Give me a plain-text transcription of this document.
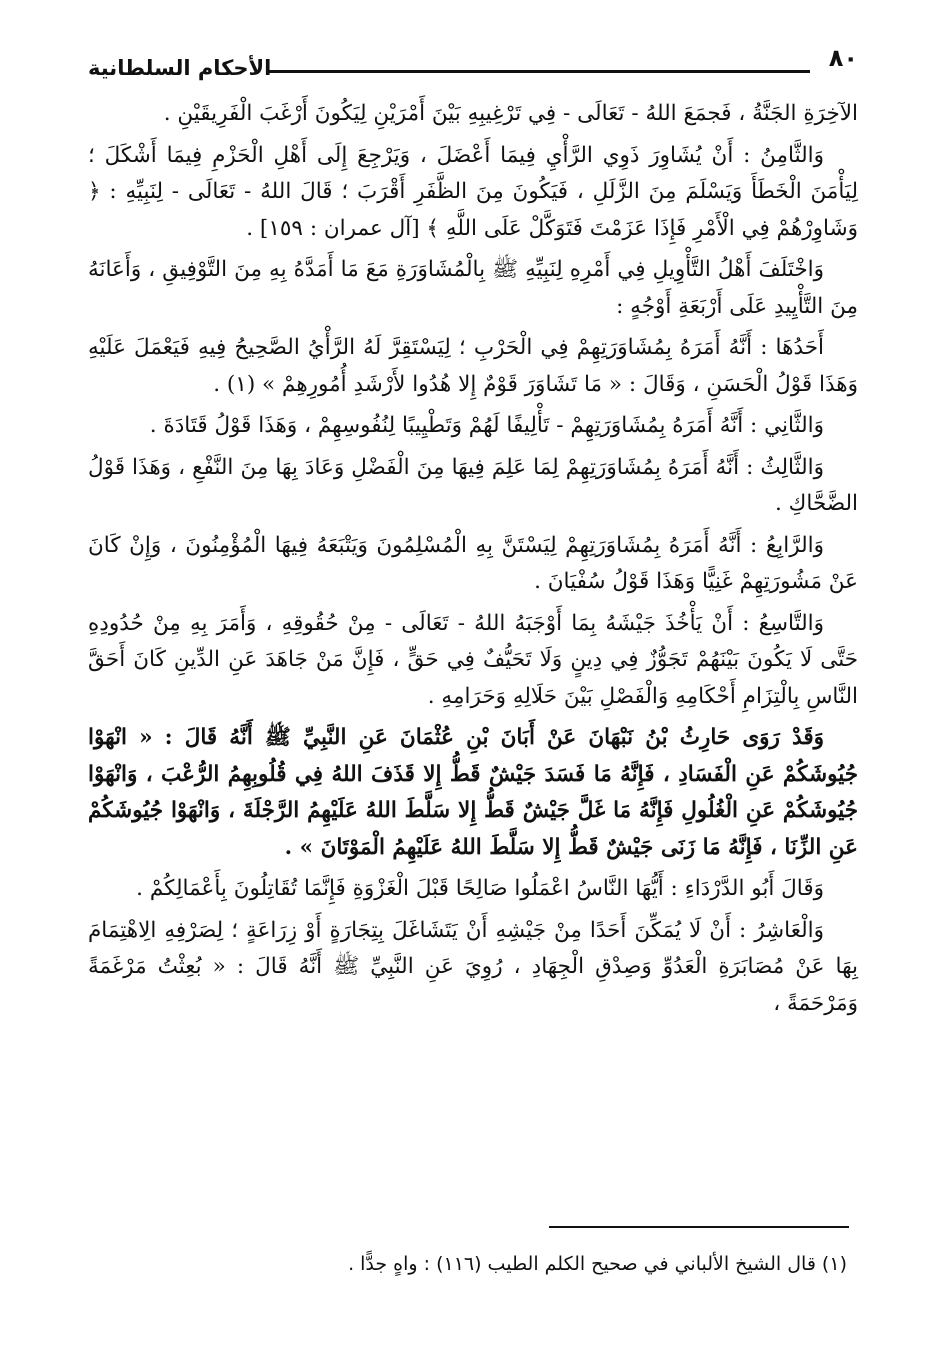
٨٠
الأحكام السلطانية

الآخِرَةِ الجَنَّةُ ، فَجمَعَ اللهُ - تَعَالَى - فِي تَرْغِيبِهِ بَيْنَ أَمْرَيْنِ لِيَكُونَ أَرْغَبَ الْفَرِيقَيْنِ .

وَالثَّامِنُ : أَنْ يُشَاوِرَ ذَوِي الرَّأْيِ فِيمَا أَعْضَلَ ، وَيَرْجِعَ إِلَى أَهْلِ الْحَزْمِ فِيمَا أَشْكَلَ ؛ لِيَأْمَنَ الْخَطَأَ وَيَسْلَمَ مِنَ الزَّلَلِ ، فَيَكُونَ مِنَ الظَّفَرِ أَقْرَبَ ؛ قَالَ اللهُ - تَعَالَى - لِنَبِيِّهِ : ﴿ وَشَاوِرْهُمْ فِي الْأَمْرِ فَإِذَا عَزَمْتَ فَتَوَكَّلْ عَلَى اللَّهِ ﴾ [آل عمران : ١٥٩] .

وَاخْتَلَفَ أَهْلُ التَّأْوِيلِ فِي أَمْرِهِ لِنَبِيِّهِ ﷺ بِالْمُشَاوَرَةِ مَعَ مَا أَمَدَّهُ بِهِ مِنَ التَّوْفِيقِ ، وَأَعَانَهُ مِنَ التَّأْيِيدِ عَلَى أَرْبَعَةِ أَوْجُهٍ :

أَحَدُهَا : أَنَّهُ أَمَرَهُ بِمُشَاوَرَتِهِمْ فِي الْحَرْبِ ؛ لِيَسْتَقِرَّ لَهُ الرَّأْيُ الصَّحِيحُ فِيهِ فَيَعْمَلَ عَلَيْهِ وَهَذَا قَوْلُ الْحَسَنِ ، وَقَالَ : « مَا تَشَاوَرَ قَوْمٌ إِلا هُدُوا لأَرْشَدِ أُمُورِهِمْ » (١) .

وَالثَّانِي : أَنَّهُ أَمَرَهُ بِمُشَاوَرَتِهِمْ - تَأْلِيفًا لَهُمْ وَتَطْيِيبًا لِنُفُوسِهِمْ ، وَهَذَا قَوْلُ قَتَادَةَ .

وَالثَّالِثُ : أَنَّهُ أَمَرَهُ بِمُشَاوَرَتِهِمْ لِمَا عَلِمَ فِيهَا مِنَ الْفَضْلِ وَعَادَ بِهَا مِنَ النَّفْعِ ، وَهَذَا قَوْلُ الضَّحَّاكِ .

وَالرَّابِعُ : أَنَّهُ أَمَرَهُ بِمُشَاوَرَتِهِمْ لِيَسْتَنَّ بِهِ الْمُسْلِمُونَ وَيَتْبَعَهُ فِيهَا الْمُؤْمِنُونَ ، وَإِنْ كَانَ عَنْ مَشُورَتِهِمْ غَنِيًّا وَهَذَا قَوْلُ سُفْيَانَ .

وَالتَّاسِعُ : أَنْ يَأْخُذَ جَيْشَهُ بِمَا أَوْجَبَهُ اللهُ - تَعَالَى - مِنْ حُقُوقِهِ ، وَأَمَرَ بِهِ مِنْ حُدُودِهِ حَتَّى لَا يَكُونَ بَيْنَهُمْ تَجَوُّزٌ فِي دِينٍ وَلَا تَحَيُّفٌ فِي حَقٍّ ، فَإِنَّ مَنْ جَاهَدَ عَنِ الدِّينِ كَانَ أَحَقَّ النَّاسِ بِالْتِزَامِ أَحْكَامِهِ وَالْفَصْلِ بَيْنَ حَلَالِهِ وَحَرَامِهِ .

وَقَدْ رَوَى حَارِثُ بْنُ نَبْهَانَ عَنْ أَبَانَ بْنِ عُثْمَانَ عَنِ النَّبِيِّ ﷺ أَنَّهُ قَالَ : « انْهَوْا جُيُوشَكُمْ عَنِ الْفَسَادِ ، فَإِنَّهُ مَا فَسَدَ جَيْشٌ قَطُّ إِلا قَذَفَ اللهُ فِي قُلُوبِهِمُ الرُّعْبَ ، وَانْهَوْا جُيُوشَكُمْ عَنِ الْغُلُولِ فَإِنَّهُ مَا غَلَّ جَيْشٌ قَطُّ إِلا سَلَّطَ اللهُ عَلَيْهِمُ الرَّجْلَةَ ، وَانْهَوْا جُيُوشَكُمْ عَنِ الزِّنَا ، فَإِنَّهُ مَا زَنَى جَيْشٌ قَطُّ إِلا سَلَّطَ اللهُ عَلَيْهِمُ الْمَوْتَانَ » .

وَقَالَ أَبُو الدَّرْدَاءِ : أَيُّهَا النَّاسُ اعْمَلُوا صَالِحًا قَبْلَ الْغَزْوَةِ فَإِنَّمَا تُقَاتِلُونَ بِأَعْمَالِكُمْ .

وَالْعَاشِرُ : أَنْ لَا يُمَكِّنَ أَحَدًا مِنْ جَيْشِهِ أَنْ يَتَشَاغَلَ بِتِجَارَةٍ أَوْ زِرَاعَةٍ ؛ لِصَرْفِهِ الِاهْتِمَامَ بِهَا عَنْ مُصَابَرَةِ الْعَدُوِّ وَصِدْقِ الْجِهَادِ ، رُوِيَ عَنِ النَّبِيِّ ﷺ أَنَّهُ قَالَ : « بُعِثْتُ مَرْغَمَةً وَمَرْحَمَةً ،

(١) قال الشيخ الألباني في صحيح الكلم الطيب (١١٦) : واهٍ جدًّا .
